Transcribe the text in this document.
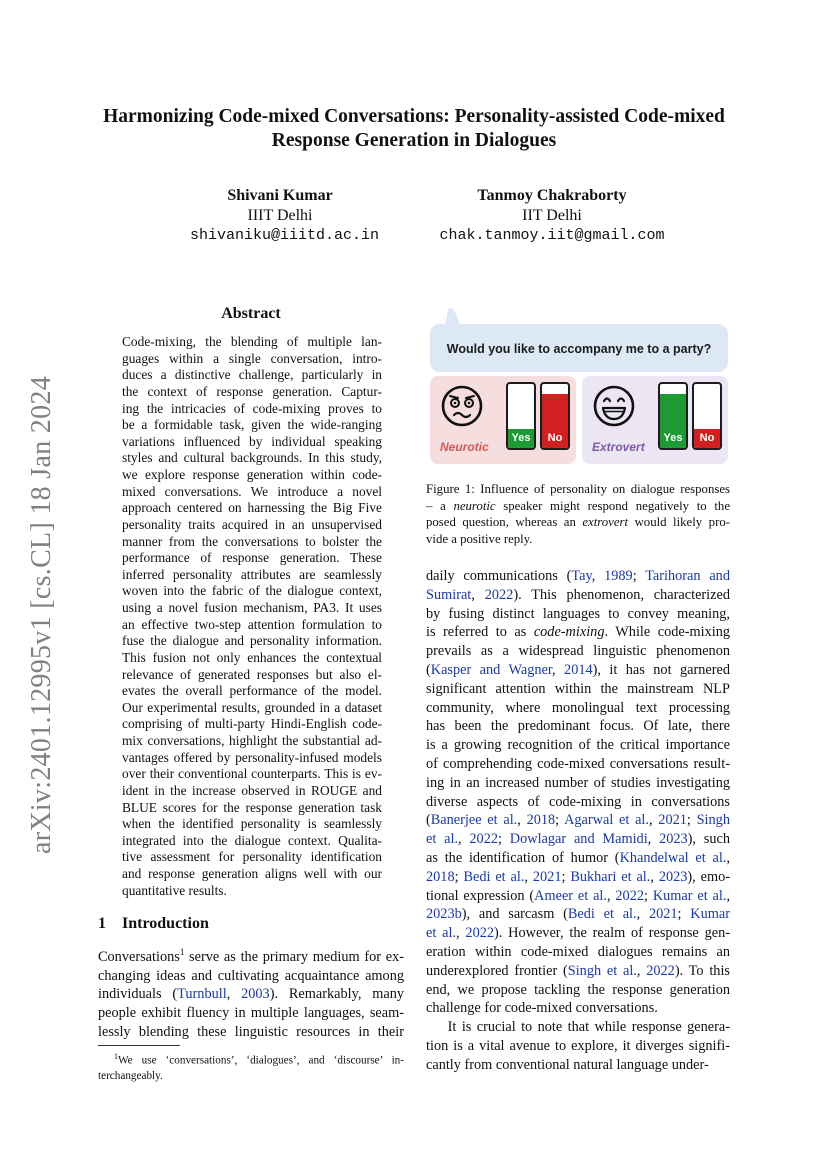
arXiv:2401.12995v1 [cs.CL] 18 Jan 2024
Harmonizing Code-mixed Conversations: Personality-assisted Code-mixed
Response Generation in Dialogues
Shivani Kumar
IIIT Delhi
shivaniku@iiitd.ac.in
Tanmoy Chakraborty
IIT Delhi
chak.tanmoy.iit@gmail.com
Abstract
Code-mixing, the blending of multiple lan-
guages within a single conversation, intro-
duces a distinctive challenge, particularly in
the context of response generation. Captur-
ing the intricacies of code-mixing proves to
be a formidable task, given the wide-ranging
variations influenced by individual speaking
styles and cultural backgrounds. In this study,
we explore response generation within code-
mixed conversations. We introduce a novel
approach centered on harnessing the Big Five
personality traits acquired in an unsupervised
manner from the conversations to bolster the
performance of response generation. These
inferred personality attributes are seamlessly
woven into the fabric of the dialogue context,
using a novel fusion mechanism, PA3. It uses
an effective two-step attention formulation to
fuse the dialogue and personality information.
This fusion not only enhances the contextual
relevance of generated responses but also el-
evates the overall performance of the model.
Our experimental results, grounded in a dataset
comprising of multi-party Hindi-English code-
mix conversations, highlight the substantial ad-
vantages offered by personality-infused models
over their conventional counterparts. This is ev-
ident in the increase observed in ROUGE and
BLUE scores for the response generation task
when the identified personality is seamlessly
integrated into the dialogue context. Qualita-
tive assessment for personality identification
and response generation aligns well with our
quantitative results.
1 Introduction
Conversations$^1$ serve as the primary medium for ex-
changing ideas and cultivating acquaintance among
individuals (Turnbull, 2003). Remarkably, many
people exhibit fluency in multiple languages, seam-
lessly blending these linguistic resources in their
$^1$We use ‘conversations’, ‘dialogues’, and ‘discourse’ in-
terchangeably.
Would you like to accompany me to a party?
Neurotic
Yes	No
Extrovert
Yes	No
Figure 1: Influence of personality on dialogue responses
– a neurotic speaker might respond negatively to the
posed question, whereas an extrovert would likely pro-
vide a positive reply.
daily communications (Tay, 1989; Tarihoran and
Sumirat, 2022). This phenomenon, characterized
by fusing distinct languages to convey meaning,
is referred to as code-mixing. While code-mixing
prevails as a widespread linguistic phenomenon
(Kasper and Wagner, 2014), it has not garnered
significant attention within the mainstream NLP
community, where monolingual text processing
has been the predominant focus. Of late, there
is a growing recognition of the critical importance
of comprehending code-mixed conversations result-
ing in an increased number of studies investigating
diverse aspects of code-mixing in conversations
(Banerjee et al., 2018; Agarwal et al., 2021; Singh
et al., 2022; Dowlagar and Mamidi, 2023), such
as the identification of humor (Khandelwal et al.,
2018; Bedi et al., 2021; Bukhari et al., 2023), emo-
tional expression (Ameer et al., 2022; Kumar et al.,
2023b), and sarcasm (Bedi et al., 2021; Kumar
et al., 2022). However, the realm of response gen-
eration within code-mixed dialogues remains an
underexplored frontier (Singh et al., 2022). To this
end, we propose tackling the response generation
challenge for code-mixed conversations.
It is crucial to note that while response genera-
tion is a vital avenue to explore, it diverges signifi-
cantly from conventional natural language under-
